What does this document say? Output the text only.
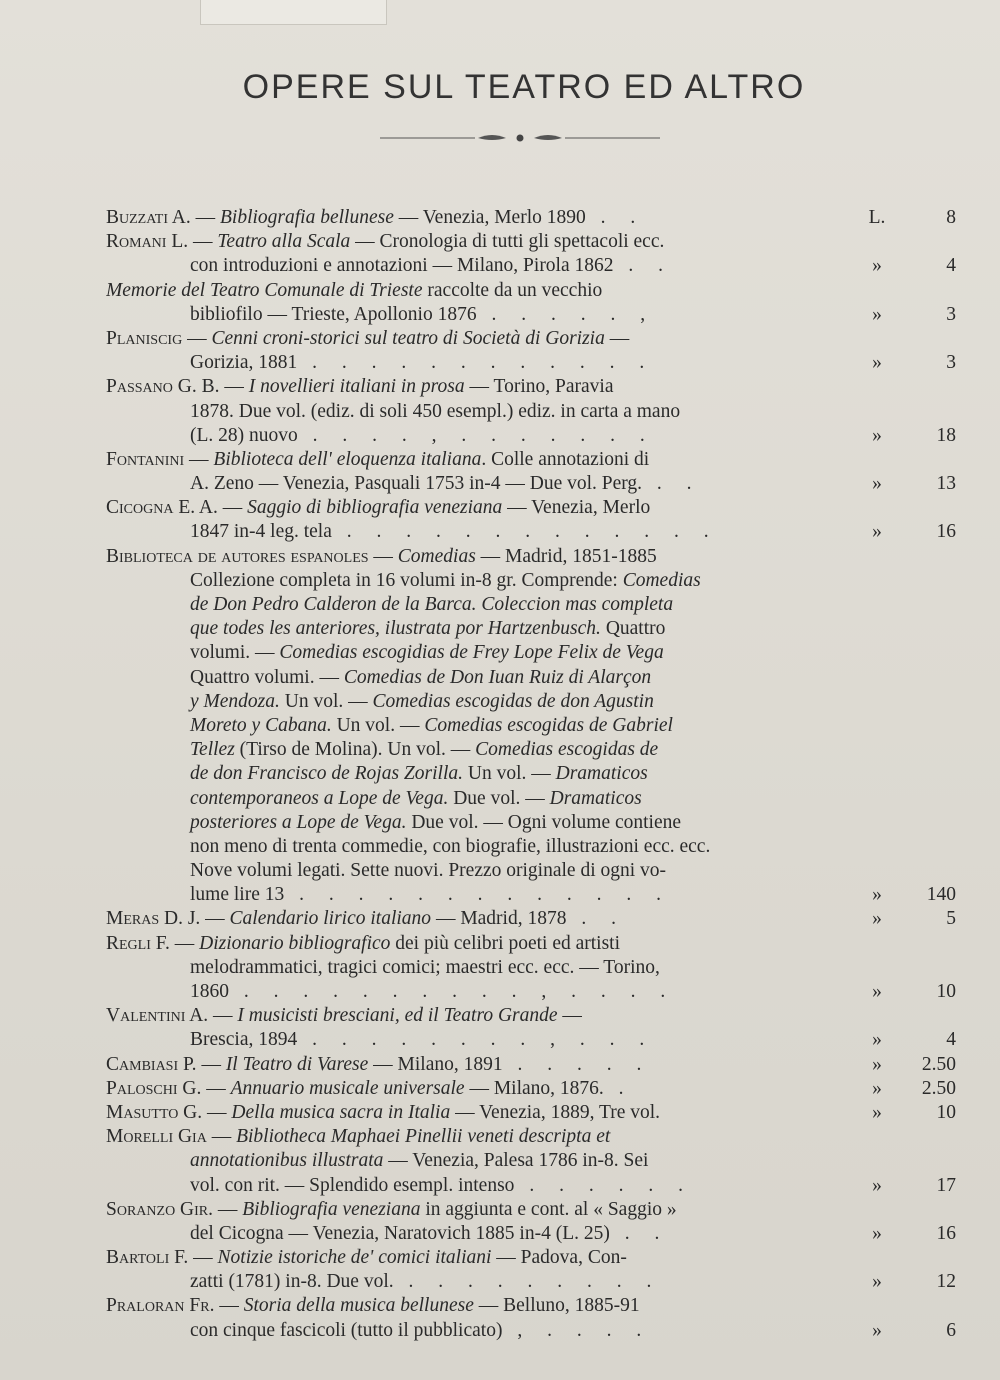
OPERE SUL TEATRO ED ALTRO
Buzzati A. — Bibliografia bellunese — Venezia, Merlo 1890 . .	L.	8
Romani L. — Teatro alla Scala — Cronologia di tutti gli spettacoli ecc.
con introduzioni e annotazioni — Milano, Pirola 1862 . .	»	4
Memorie del Teatro Comunale di Trieste raccolte da un vecchio
bibliofilo — Trieste, Apollonio 1876 . . . . . ,	»	3
Planiscig — Cenni croni-storici sul teatro di Società di Gorizia —
Gorizia, 1881 . . . . . . . . . . . .	»	3
Passano G. B. — I novellieri italiani in prosa — Torino, Paravia
1878. Due vol. (ediz. di soli 450 esempl.) ediz. in carta a mano
(L. 28) nuovo . . . . , . . . . . . .	»	18
Fontanini — Biblioteca dell' eloquenza italiana. Colle annotazioni di
A. Zeno — Venezia, Pasquali 1753 in-4 — Due vol. Perg. . .	»	13
Cicogna E. A. — Saggio di bibliografia veneziana — Venezia, Merlo
1847 in-4 leg. tela . . . . . . . . . . . . .	»	16
Biblioteca de autores espanoles — Comedias — Madrid, 1851-1885
Collezione completa in 16 volumi in-8 gr. Comprende: Comedias
de Don Pedro Calderon de la Barca. Coleccion mas completa
que todes les anteriores, ilustrata por Hartzenbusch. Quattro
volumi. — Comedias escogidias de Frey Lope Felix de Vega
Quattro volumi. — Comedias de Don Iuan Ruiz di Alarçon
y Mendoza. Un vol. — Comedias escogidas de don Agustin
Moreto y Cabana. Un vol. — Comedias escogidas de Gabriel
Tellez (Tirso de Molina). Un vol. — Comedias escogidas de
de don Francisco de Rojas Zorilla. Un vol. — Dramaticos
contemporaneos a Lope de Vega. Due vol. — Dramaticos
posteriores a Lope de Vega. Due vol. — Ogni volume contiene
non meno di trenta commedie, con biografie, illustrazioni ecc. ecc.
Nove volumi legati. Sette nuovi. Prezzo originale di ogni vo-
lume lire 13 . . . . . . . . . . . . .	»	140
Meras D. J. — Calendario lirico italiano — Madrid, 1878 . .	»	5
Regli F. — Dizionario bibliografico dei più celibri poeti ed artisti
melodrammatici, tragici comici; maestri ecc. ecc. — Torino,
1860 . . . . . . . . . . , . . . .	»	10
Valentini A. — I musicisti bresciani, ed il Teatro Grande —
Brescia, 1894 . . . . . . . . , . . .	»	4
Cambiasi P. — Il Teatro di Varese — Milano, 1891 . . . . .	»	2.50
Paloschi G. — Annuario musicale universale — Milano, 1876. .	»	2.50
Masutto G. — Della musica sacra in Italia — Venezia, 1889, Tre vol.	»	10
Morelli Gia — Bibliotheca Maphaei Pinellii veneti descripta et
annotationibus illustrata — Venezia, Palesa 1786 in-8. Sei
vol. con rit. — Splendido esempl. intenso . . . . . .	»	17
Soranzo Gir. — Bibliografia veneziana in aggiunta e cont. al « Saggio »
del Cicogna — Venezia, Naratovich 1885 in-4 (L. 25) . .	»	16
Bartoli F. — Notizie istoriche de' comici italiani — Padova, Con-
zatti (1781) in-8. Due vol. . . . . . . . . .	»	12
Praloran Fr. — Storia della musica bellunese — Belluno, 1885-91
con cinque fascicoli (tutto il pubblicato) , . . . .	»	6
